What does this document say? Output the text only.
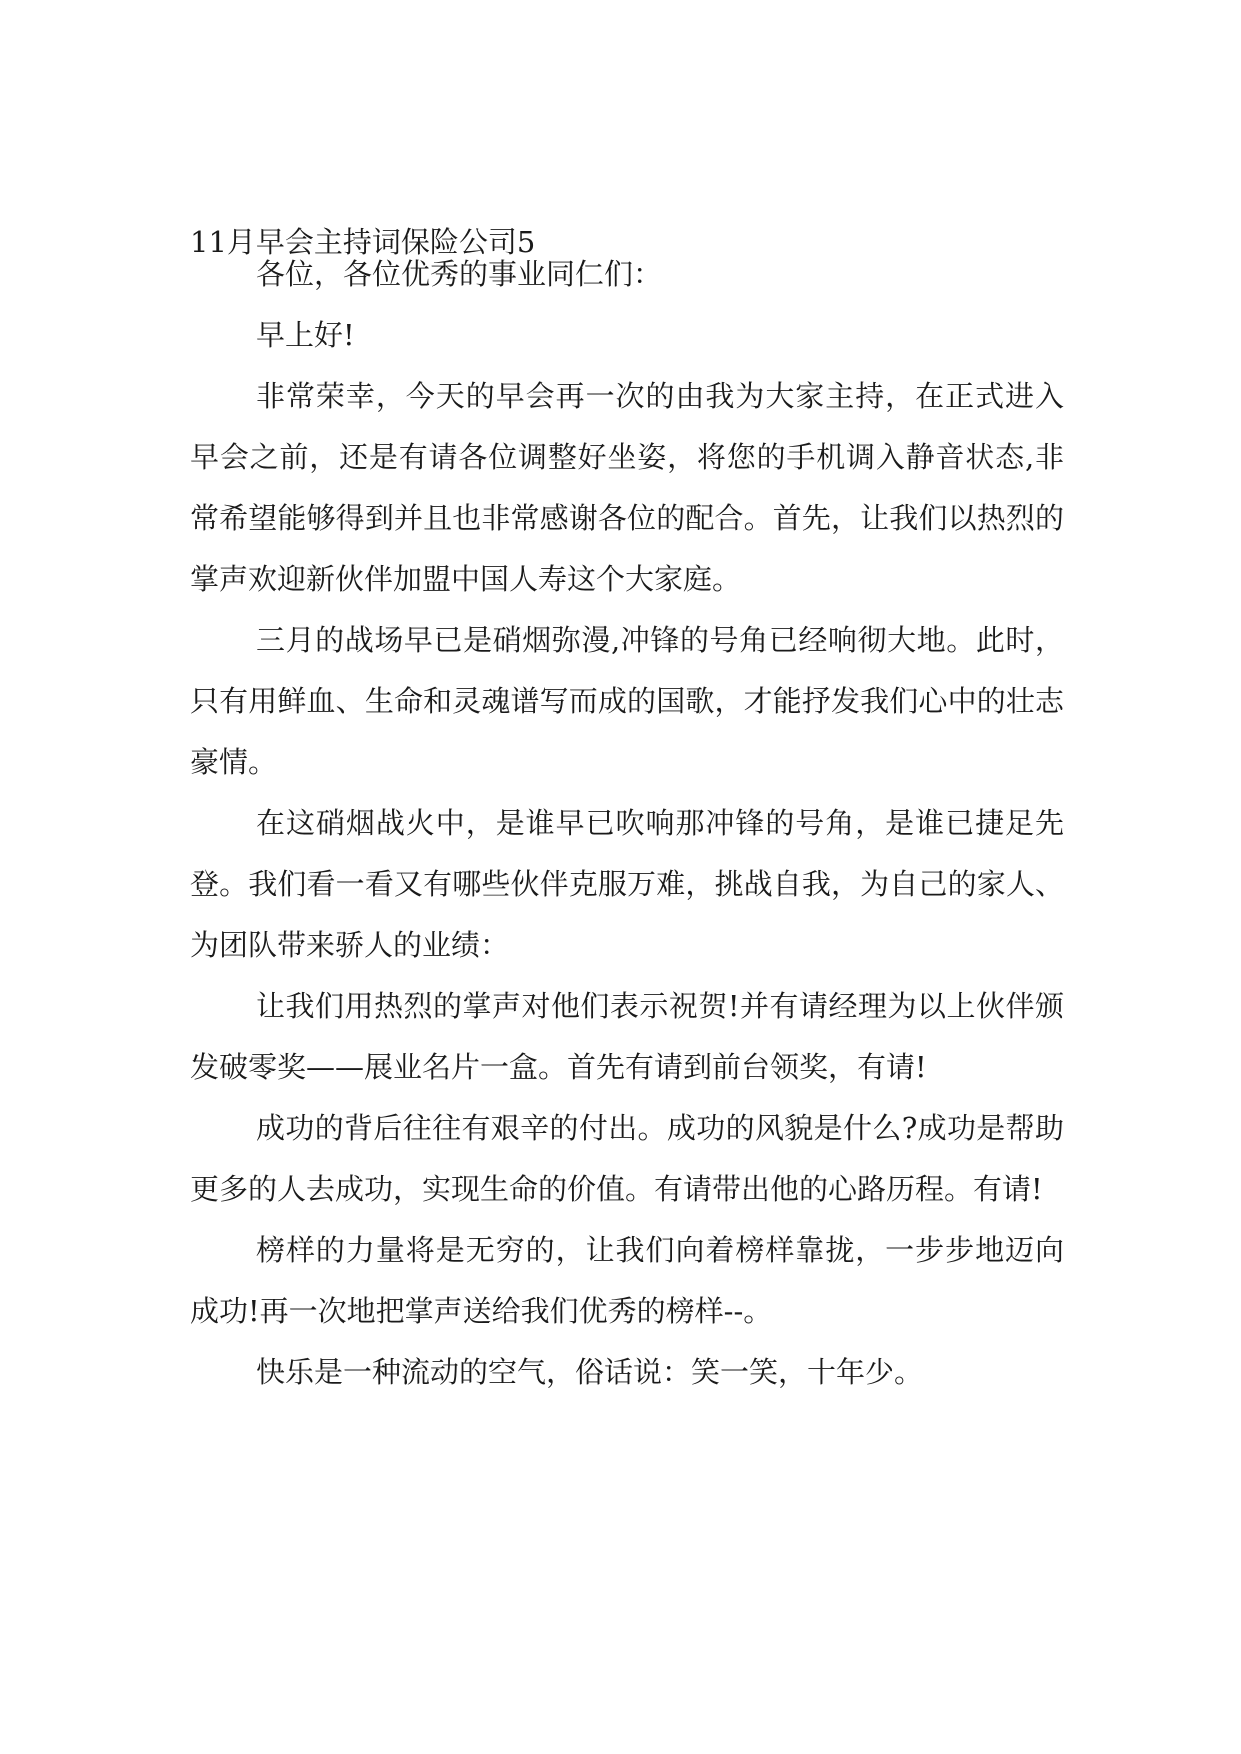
11月早会主持词保险公司5

各位，各位优秀的事业同仁们：

早上好!

非常荣幸，今天的早会再一次的由我为大家主持，在正式进入早会之前，还是有请各位调整好坐姿，将您的手机调入静音状态,非常希望能够得到并且也非常感谢各位的配合。首先，让我们以热烈的掌声欢迎新伙伴加盟中国人寿这个大家庭。

三月的战场早已是硝烟弥漫,冲锋的号角已经响彻大地。此时，只有用鲜血、生命和灵魂谱写而成的国歌，才能抒发我们心中的壮志豪情。

在这硝烟战火中，是谁早已吹响那冲锋的号角，是谁已捷足先登。我们看一看又有哪些伙伴克服万难，挑战自我，为自己的家人、为团队带来骄人的业绩：

让我们用热烈的掌声对他们表示祝贺!并有请经理为以上伙伴颁发破零奖——展业名片一盒。首先有请到前台领奖，有请!

成功的背后往往有艰辛的付出。成功的风貌是什么?成功是帮助更多的人去成功，实现生命的价值。有请带出他的心路历程。有请!

榜样的力量将是无穷的，让我们向着榜样靠拢，一步步地迈向成功!再一次地把掌声送给我们优秀的榜样--。

快乐是一种流动的空气，俗话说：笑一笑，十年少。
